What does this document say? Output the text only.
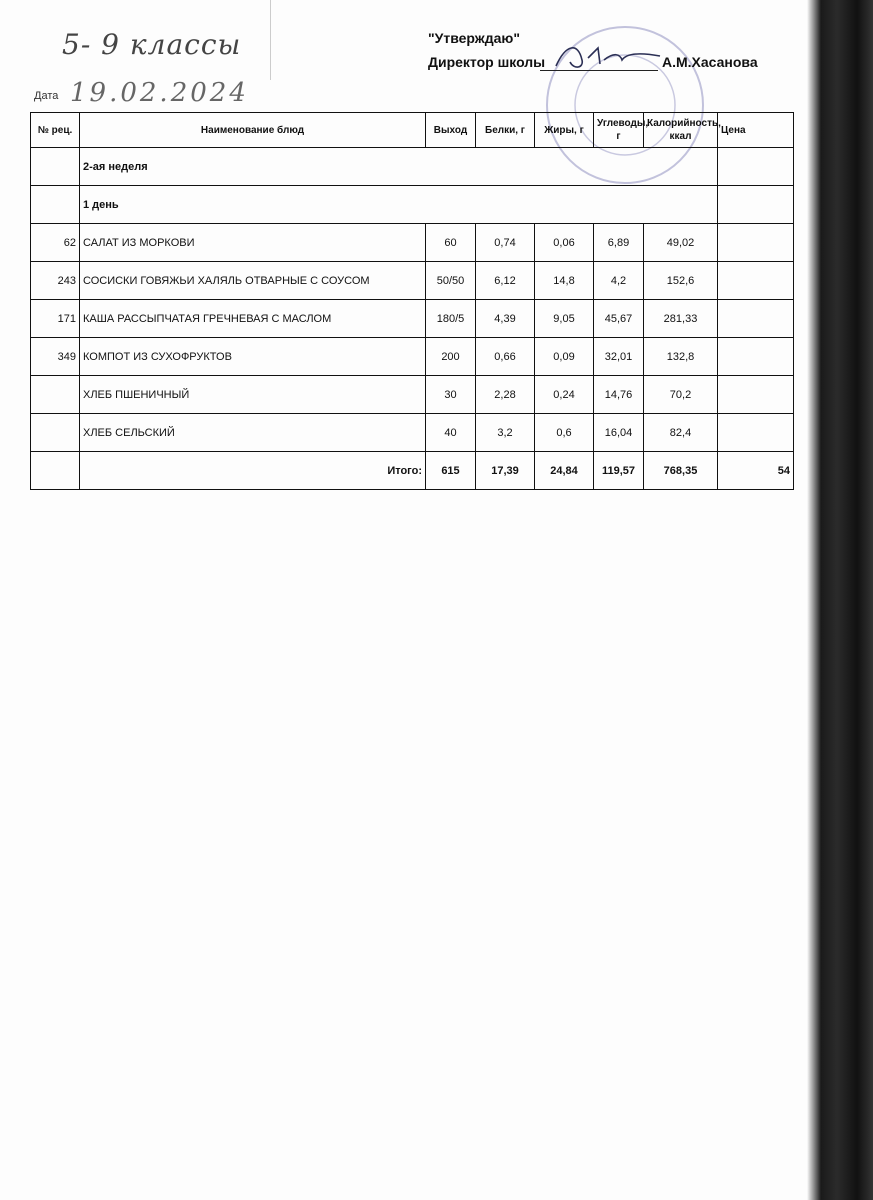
5- 9 классы
Дата 19.02.2024
"Утверждаю"
Директор школы	А.М.Хасанова
№ рец.	Наименование блюд	Выход	Белки, г	Жиры, г	Углеводы, г	Калорийность, ккал	Цена
	2-ая неделя						
	1 день						
62	САЛАТ ИЗ МОРКОВИ	60	0,74	0,06	6,89	49,02	
243	СОСИСКИ ГОВЯЖЬИ ХАЛЯЛЬ ОТВАРНЫЕ С СОУСОМ	50/50	6,12	14,8	4,2	152,6	
171	КАША РАССЫПЧАТАЯ ГРЕЧНЕВАЯ С МАСЛОМ	180/5	4,39	9,05	45,67	281,33	
349	КОМПОТ ИЗ СУХОФРУКТОВ	200	0,66	0,09	32,01	132,8	
	ХЛЕБ ПШЕНИЧНЫЙ	30	2,28	0,24	14,76	70,2	
	ХЛЕБ СЕЛЬСКИЙ	40	3,2	0,6	16,04	82,4	
	Итого:	615	17,39	24,84	119,57	768,35	54
